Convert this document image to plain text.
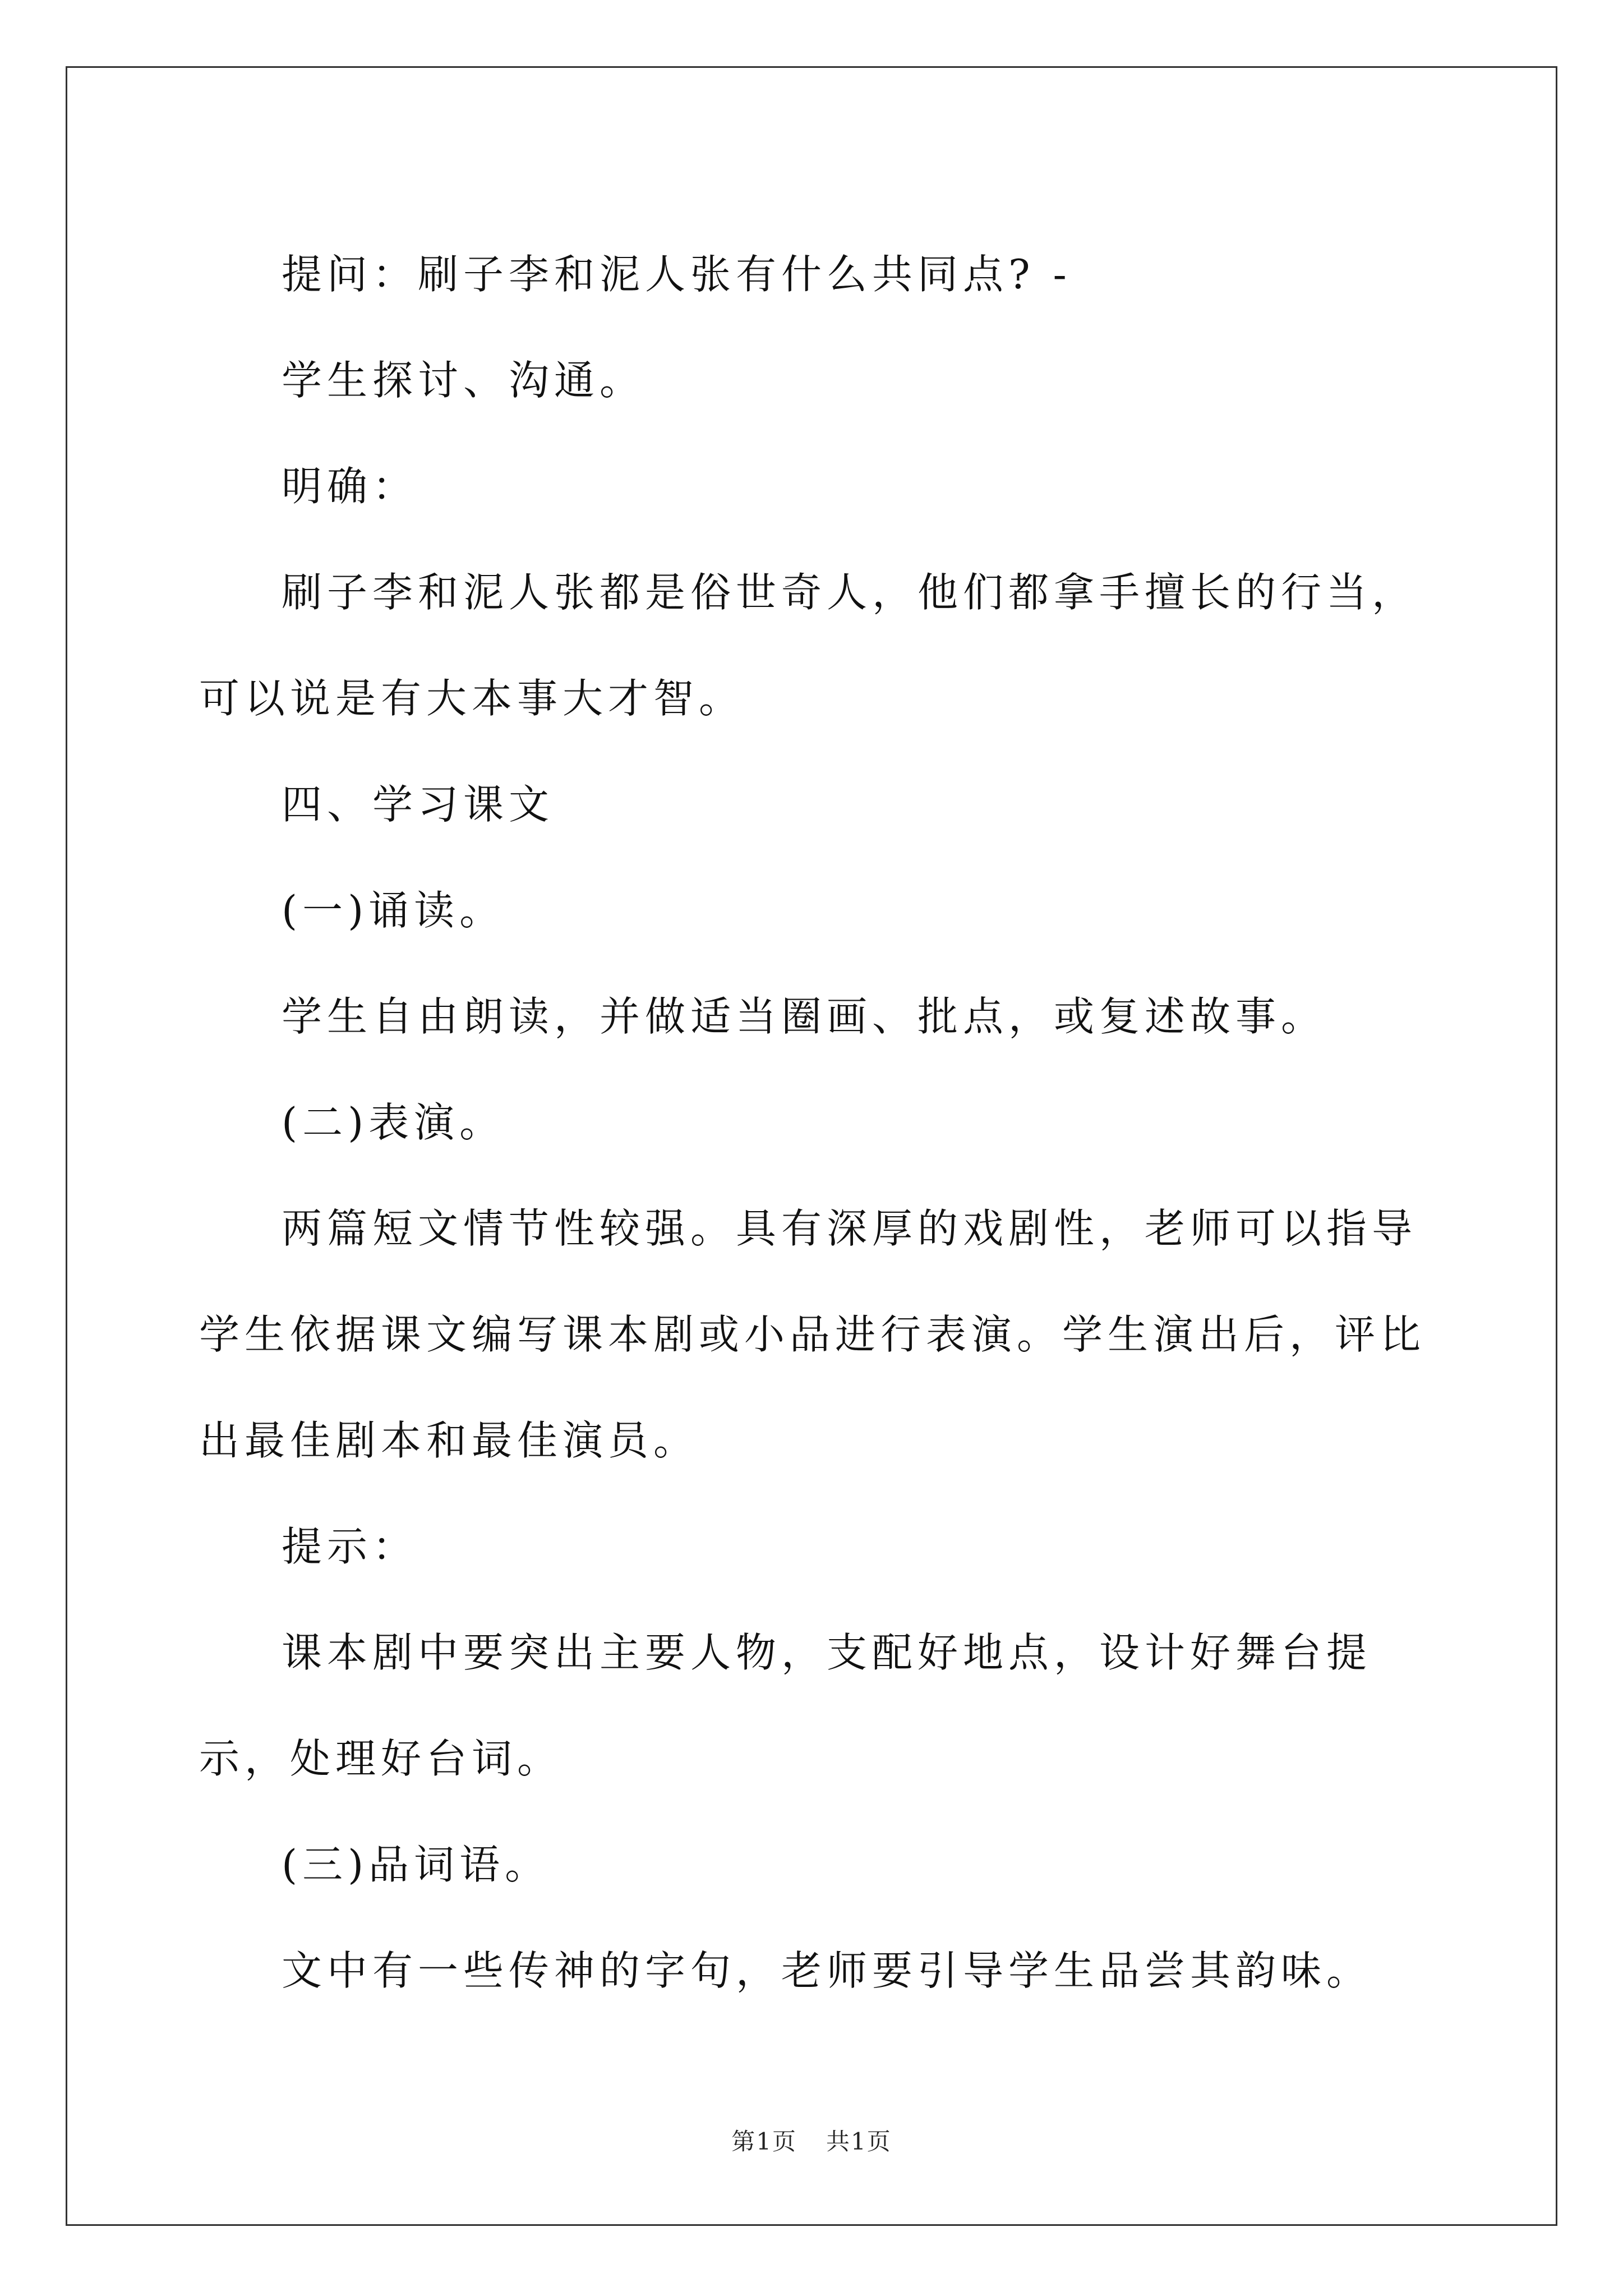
提问：刷子李和泥人张有什么共同点? -

学生探讨、沟通。

明确：

刷子李和泥人张都是俗世奇人，他们都拿手擅长的行当，可以说是有大本事大才智。

四、学习课文

(一)诵读。

学生自由朗读，并做适当圈画、批点，或复述故事。

(二)表演。

两篇短文情节性较强。具有深厚的戏剧性，老师可以指导学生依据课文编写课本剧或小品进行表演。学生演出后，评比出最佳剧本和最佳演员。

提示：

课本剧中要突出主要人物，支配好地点，设计好舞台提示，处理好台词。

(三)品词语。

文中有一些传神的字句，老师要引导学生品尝其韵味。

第1页 共1页
